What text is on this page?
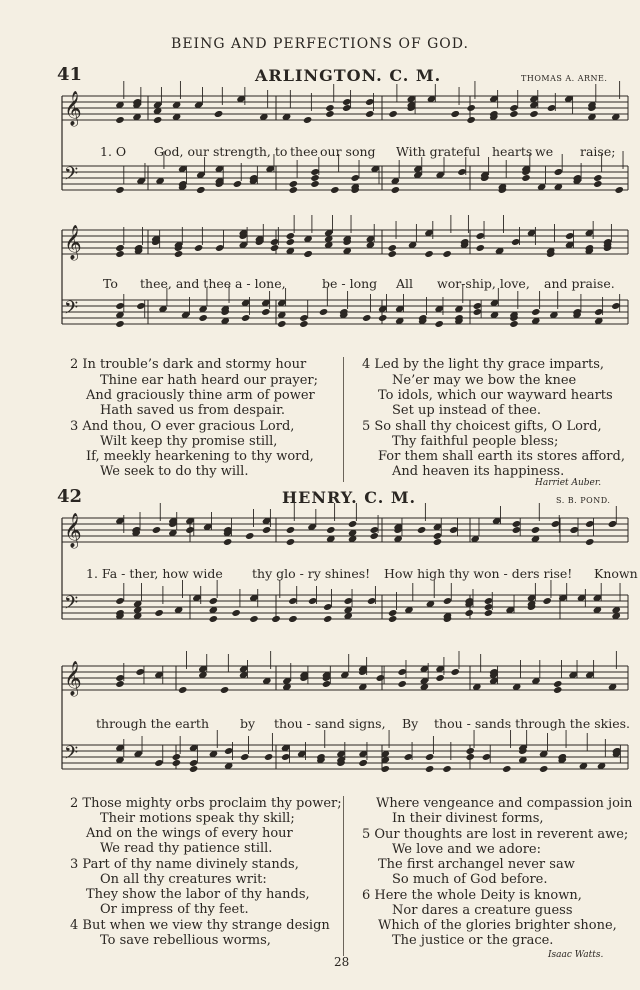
BEING AND PERFECTIONS OF GOD.
41	ARLINGTON. C. M.	THOMAS A. ARNE.
𝄞
𝄢
𝄞
𝄢
𝄞
𝄢
𝄞
𝄢
1. O God, our strength, to thee our song With grateful hearts we raise;
To thee, and thee a - lone,	be - long All wor-ship, love, and praise.
2 In trouble’s dark and stormy hour
Thine ear hath heard our prayer;
And graciously thine arm of power
Hath saved us from despair.
3 And thou, O ever gracious Lord,
Wilt keep thy promise still,
If, meekly hearkening to thy word,
We seek to do thy will.
4 Led by the light thy grace imparts,
Ne’er may we bow the knee
To idols, which our wayward hearts
Set up instead of thee.
5 So shall thy choicest gifts, O Lord,
Thy faithful people bless;
For them shall earth its stores afford,
And heaven its happiness.
Harriet Auber.
42	HENRY. C. M.	S. B. POND.
1. Fa - ther, how wide thy glo - ry shines! How high thy won - ders rise! Known
through the earth by thou - sand signs, By thou - sands through the skies.
2 Those mighty orbs proclaim thy power;
Their motions speak thy skill;
And on the wings of every hour
We read thy patience still.
3 Part of thy name divinely stands,
On all thy creatures writ:
They show the labor of thy hands,
Or impress of thy feet.
4 But when we view thy strange design
To save rebellious worms,
Where vengeance and compassion join
In their divinest forms,
5 Our thoughts are lost in reverent awe;
We love and we adore:
The first archangel never saw
So much of God before.
6 Here the whole Deity is known,
Nor dares a creature guess
Which of the glories brighter shone,
The justice or the grace.
Isaac Watts.
28
